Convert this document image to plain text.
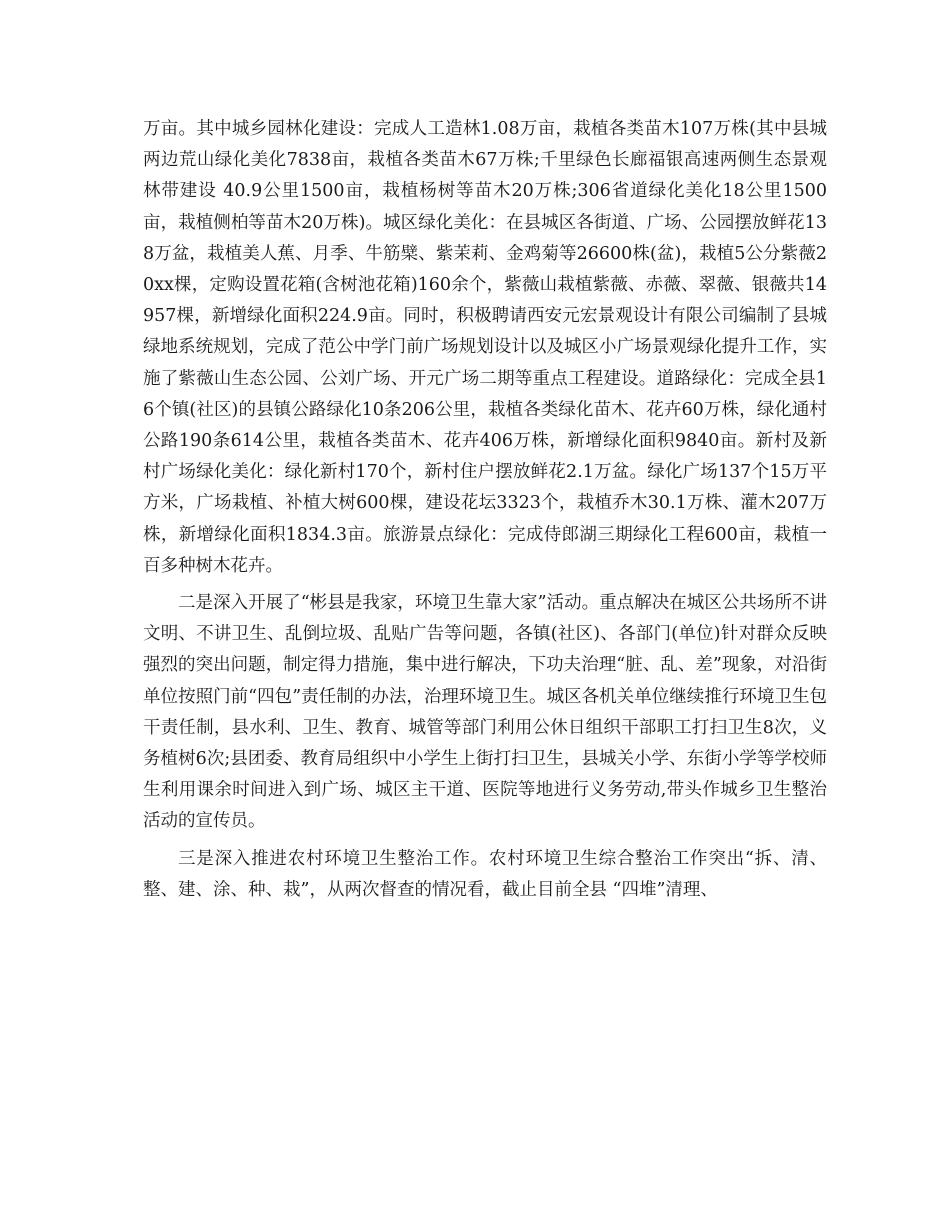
万亩。其中城乡园林化建设：完成人工造林1.08万亩，栽植各类苗木107万株(其中县城两边荒山绿化美化7838亩，栽植各类苗木67万株;千里绿色长廊福银高速两侧生态景观林带建设 40.9公里1500亩，栽植杨树等苗木20万株;306省道绿化美化18公里1500亩，栽植侧柏等苗木20万株)。城区绿化美化：在县城区各街道、广场、公园摆放鲜花138万盆，栽植美人蕉、月季、牛筋檗、紫茉莉、金鸡菊等26600株(盆)，栽植5公分紫薇20xx棵，定购设置花箱(含树池花箱)160余个，紫薇山栽植紫薇、赤薇、翠薇、银薇共14957棵，新增绿化面积224.9亩。同时，积极聘请西安元宏景观设计有限公司编制了县城绿地系统规划，完成了范公中学门前广场规划设计以及城区小广场景观绿化提升工作，实施了紫薇山生态公园、公刘广场、开元广场二期等重点工程建设。道路绿化：完成全县16个镇(社区)的县镇公路绿化10条206公里，栽植各类绿化苗木、花卉60万株，绿化通村公路190条614公里，栽植各类苗木、花卉406万株，新增绿化面积9840亩。新村及新村广场绿化美化：绿化新村170个，新村住户摆放鲜花2.1万盆。绿化广场137个15万平方米，广场栽植、补植大树600棵，建设花坛3323个，栽植乔木30.1万株、灌木207万株，新增绿化面积1834.3亩。旅游景点绿化：完成侍郎湖三期绿化工程600亩，栽植一百多种树木花卉。

二是深入开展了“彬县是我家，环境卫生靠大家”活动。重点解决在城区公共场所不讲文明、不讲卫生、乱倒垃圾、乱贴广告等问题，各镇(社区)、各部门(单位)针对群众反映强烈的突出问题，制定得力措施，集中进行解决，下功夫治理“脏、乱、差”现象，对沿街单位按照门前“四包”责任制的办法，治理环境卫生。城区各机关单位继续推行环境卫生包干责任制，县水利、卫生、教育、城管等部门利用公休日组织干部职工打扫卫生8次，义务植树6次;县团委、教育局组织中小学生上街打扫卫生，县城关小学、东街小学等学校师生利用课余时间进入到广场、城区主干道、医院等地进行义务劳动,带头作城乡卫生整治活动的宣传员。

三是深入推进农村环境卫生整治工作。农村环境卫生综合整治工作突出“拆、清、整、建、涂、种、栽”，从两次督查的情况看，截止目前全县 “四堆”清理、
